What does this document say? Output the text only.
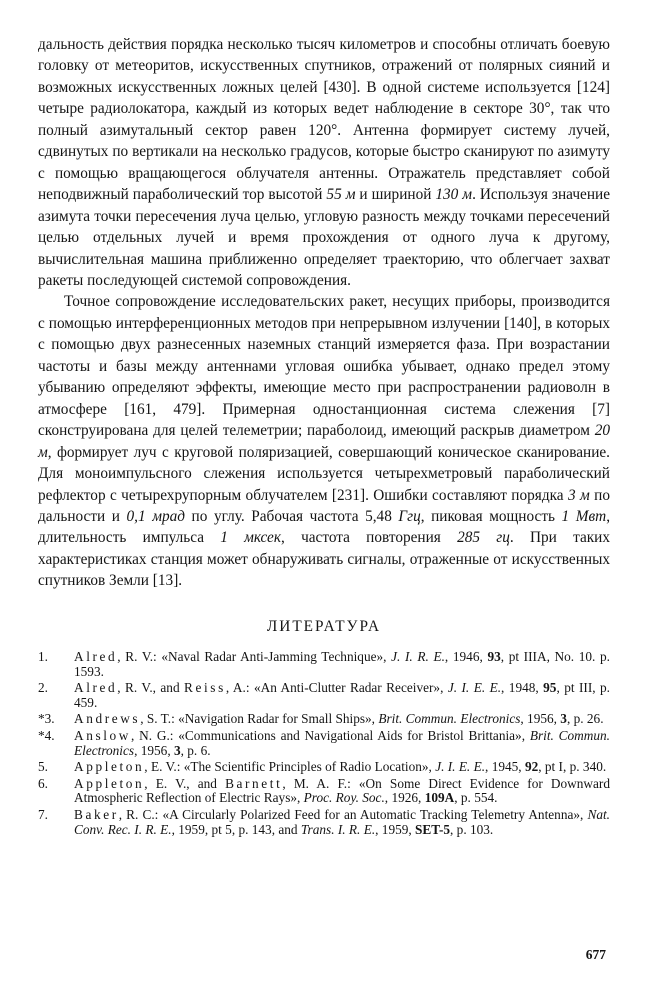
дальность действия порядка несколько тысяч километров и способны отличать боевую головку от метеоритов, искусственных спутников, отражений от полярных сияний и возможных искусственных ложных целей [430]. В одной системе используется [124] четыре радиолокатора, каждый из которых ведет наблюдение в секторе 30°, так что полный азимутальный сектор равен 120°. Антенна формирует систему лучей, сдвинутых по вертикали на несколько градусов, которые быстро сканируют по азимуту с помощью вращающегося облучателя антенны. Отражатель представляет собой неподвижный параболический тор высотой 55 м и шириной 130 м. Используя значение азимута точки пересечения луча целью, угловую разность между точками пересечений целью отдельных лучей и время прохождения от одного луча к другому, вычислительная машина приближенно определяет траекторию, что облегчает захват ракеты последующей системой сопровождения.

Точное сопровождение исследовательских ракет, несущих приборы, производится с помощью интерференционных методов при непрерывном излучении [140], в которых с помощью двух разнесенных наземных станций измеряется фаза. При возрастании частоты и базы между антеннами угловая ошибка убывает, однако предел этому убыванию определяют эффекты, имеющие место при распространении радиоволн в атмосфере [161, 479]. Примерная одностанционная система слежения [7] сконструирована для целей телеметрии; параболоид, имеющий раскрыв диаметром 20 м, формирует луч с круговой поляризацией, совершающий коническое сканирование. Для моноимпульсного слежения используется четырехметровый параболический рефлектор с четырехрупорным облучателем [231]. Ошибки составляют порядка 3 м по дальности и 0,1 мрад по углу. Рабочая частота 5,48 Ггц, пиковая мощность 1 Мвт, длительность импульса 1 мксек, частота повторения 285 гц. При таких характеристиках станция может обнаруживать сигналы, отраженные от искусственных спутников Земли [13].

ЛИТЕРАТУРА
1.	Alred, R. V.: «Naval Radar Anti-Jamming Technique», J. I. R. E., 1946, 93, pt IIIA, No. 10. p. 1593.
2.	Alred, R. V., and Reiss, A.: «An Anti-Clutter Radar Receiver», J. I. E. E., 1948, 95, pt III, p. 459.
*3.	Andrews, S. T.: «Navigation Radar for Small Ships», Brit. Commun. Electronics, 1956, 3, p. 26.
*4.	Anslow, N. G.: «Communications and Navigational Aids for Bristol Brittania», Brit. Commun. Electronics, 1956, 3, p. 6.
5.	Appleton, E. V.: «The Scientific Principles of Radio Location», J. I. E. E., 1945, 92, pt I, p. 340.
6.	Appleton, E. V., and Barnett, M. A. F.: «On Some Direct Evidence for Downward Atmospheric Reflection of Electric Rays», Proc. Roy. Soc., 1926, 109A, p. 554.
7.	Baker, R. C.: «A Circularly Polarized Feed for an Automatic Tracking Telemetry Antenna», Nat. Conv. Rec. I. R. E., 1959, pt 5, p. 143, and Trans. I. R. E., 1959, SET-5, p. 103.
677
